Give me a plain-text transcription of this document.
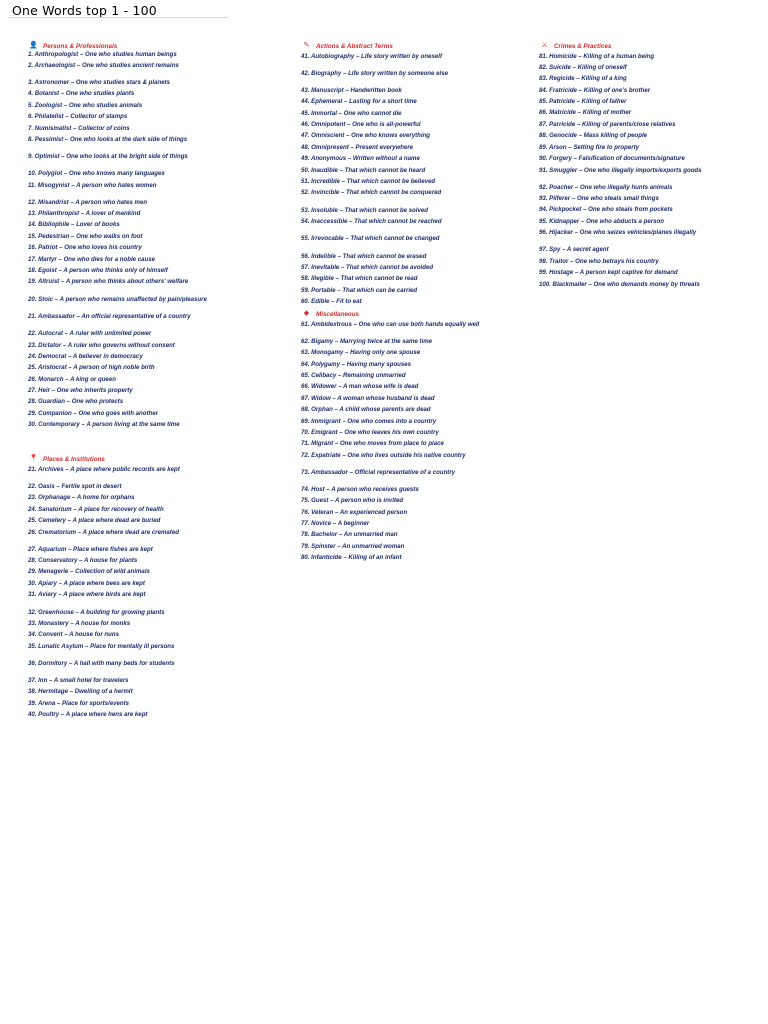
One Words top 1 - 100
👤 Persons & Professionals
1. Anthropologist – One who studies human beings
2. Archaeologist – One who studies ancient remains
3. Astronomer – One who studies stars & planets
4. Botanist – One who studies plants
5. Zoologist – One who studies animals
6. Philatelist – Collector of stamps
7. Numismatist – Collector of coins
8. Pessimist – One who looks at the dark side of things
9. Optimist – One who looks at the bright side of things
10. Polyglot – One who knows many languages
11. Misogynist – A person who hates women
12. Misandrist – A person who hates men
13. Philanthropist – A lover of mankind
14. Bibliophile – Lover of books
15. Pedestrian – One who walks on foot
16. Patriot – One who loves his country
17. Martyr – One who dies for a noble cause
18. Egoist – A person who thinks only of himself
19. Altruist – A person who thinks about others' welfare
20. Stoic – A person who remains unaffected by pain/pleasure
21. Ambassador – An official representative of a country
22. Autocrat – A ruler with unlimited power
23. Dictator – A ruler who governs without consent
24. Democrat – A believer in democracy
25. Aristocrat – A person of high noble birth
26. Monarch – A king or queen
27. Heir – One who inherits property
28. Guardian – One who protects
29. Companion – One who goes with another
30. Contemporary – A person living at the same time
📍 Places & Institutions
21. Archives – A place where public records are kept
22. Oasis – Fertile spot in desert
23. Orphanage – A home for orphans
24. Sanatorium – A place for recovery of health
25. Cemetery – A place where dead are buried
26. Crematorium – A place where dead are cremated
27. Aquarium – Place where fishes are kept
28. Conservatory – A house for plants
29. Menagerie – Collection of wild animals
30. Apiary – A place where bees are kept
31. Aviary – A place where birds are kept
32. Greenhouse – A building for growing plants
33. Monastery – A house for monks
34. Convent – A house for nuns
35. Lunatic Asylum – Place for mentally ill persons
36. Dormitory – A hall with many beds for students
37. Inn – A small hotel for travelers
38. Hermitage – Dwelling of a hermit
39. Arena – Place for sports/events
40. Poultry – A place where hens are kept
✎	Actions & Abstract Terms
41. Autobiography – Life story written by oneself
42. Biography – Life story written by someone else
43. Manuscript – Handwritten book
44. Ephemeral – Lasting for a short time
45. Immortal – One who cannot die
46. Omnipotent – One who is all-powerful
47. Omniscient – One who knows everything
48. Omnipresent – Present everywhere
49. Anonymous – Written without a name
50. Inaudible – That which cannot be heard
51. Incredible – That which cannot be believed
52. Invincible – That which cannot be conquered
53. Insoluble – That which cannot be solved
54. Inaccessible – That which cannot be reached
55. Irrevocable – That which cannot be changed
56. Indelible – That which cannot be erased
57. Inevitable – That which cannot be avoided
58. Illegible – That which cannot be read
59. Portable – That which can be carried
60. Edible – Fit to eat
◆	Miscellaneous
61. Ambidextrous – One who can use both hands equally well
62. Bigamy – Marrying twice at the same time
63. Monogamy – Having only one spouse
64. Polygamy – Having many spouses
65. Celibacy – Remaining unmarried
66. Widower – A man whose wife is dead
67. Widow – A woman whose husband is dead
68. Orphan – A child whose parents are dead
69. Immigrant – One who comes into a country
70. Emigrant – One who leaves his own country
71. Migrant – One who moves from place to place
72. Expatriate – One who lives outside his native country
73. Ambassador – Official representative of a country
74. Host – A person who receives guests
75. Guest – A person who is invited
76. Veteran – An experienced person
77. Novice – A beginner
78. Bachelor – An unmarried man
79. Spinster – An unmarried woman
80. Infanticide – Killing of an infant
⚔	Crimes & Practices
81. Homicide – Killing of a human being
82. Suicide – Killing of oneself
83. Regicide – Killing of a king
84. Fratricide – Killing of one's brother
85. Patricide – Killing of father
86. Matricide – Killing of mother
87. Parricide – Killing of parents/close relatives
88. Genocide – Mass killing of people
89. Arson – Setting fire to property
90. Forgery – Falsification of documents/signature
91. Smuggler – One who illegally imports/exports goods
92. Poacher – One who illegally hunts animals
93. Pilferer – One who steals small things
94. Pickpocket – One who steals from pockets
95. Kidnapper – One who abducts a person
96. Hijacker – One who seizes vehicles/planes illegally
97. Spy – A secret agent
98. Traitor – One who betrays his country
99. Hostage – A person kept captive for demand
100. Blackmailer – One who demands money by threats
